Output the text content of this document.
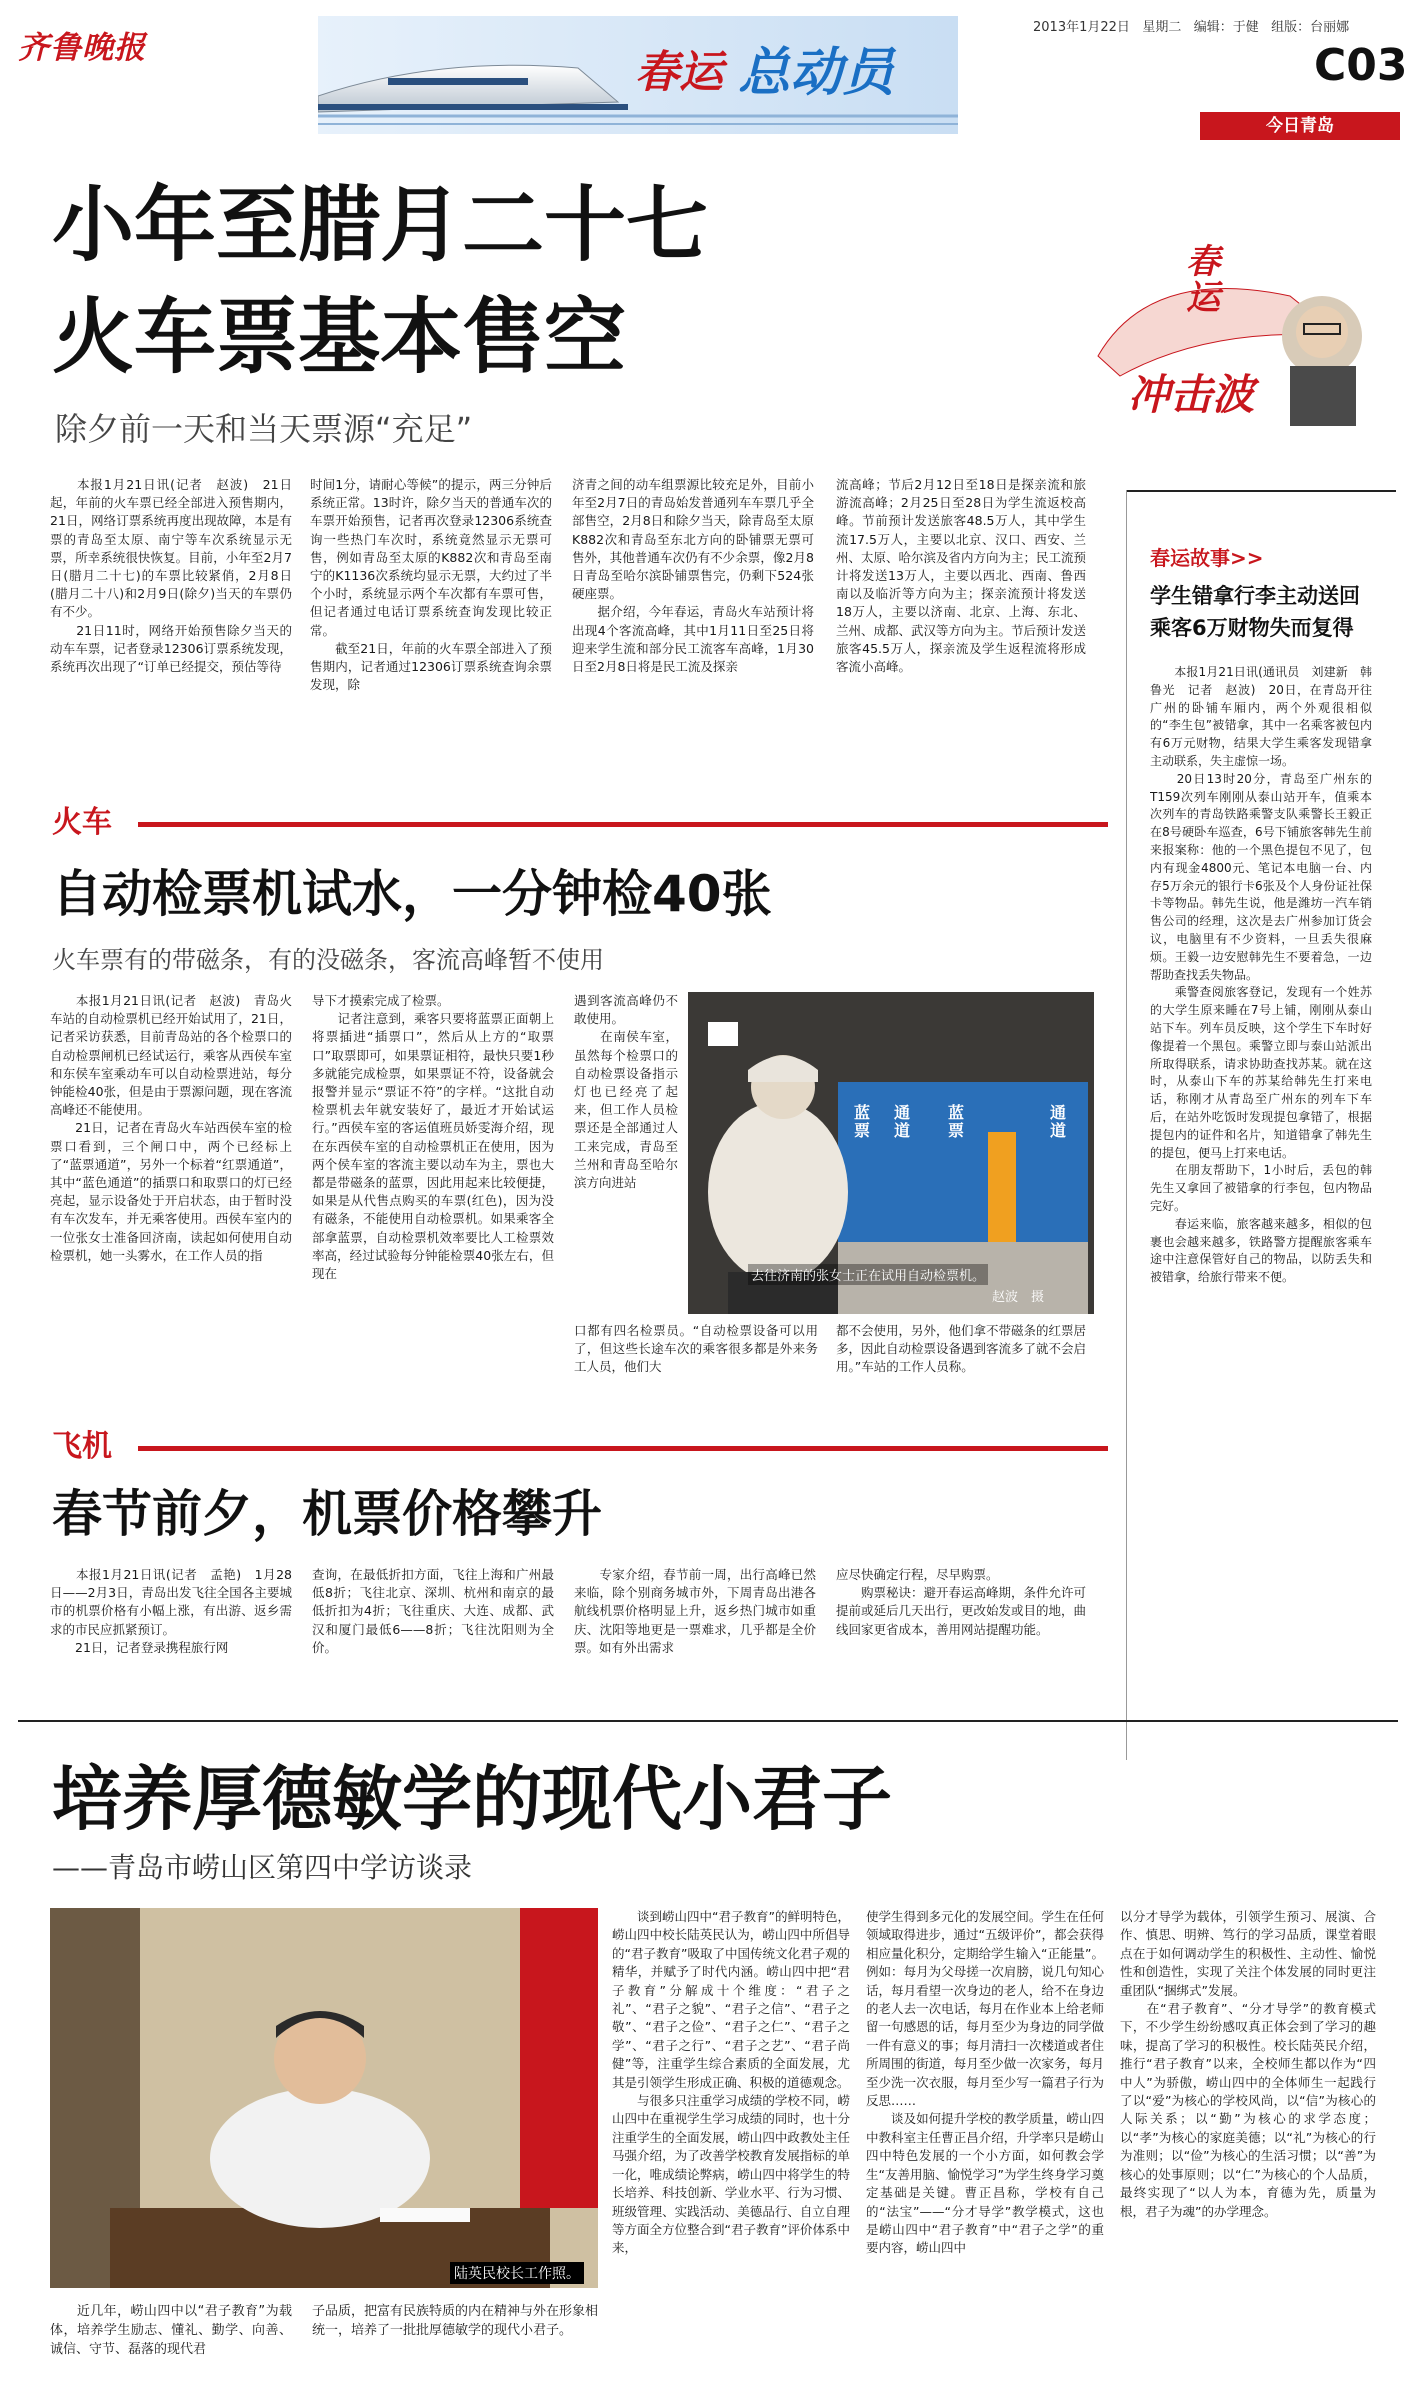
齐鲁晚报	春运 总动员
2013年1月22日 星期二 编辑：于健 组版：台丽娜
C03
今日青岛
小年至腊月二十七
火车票基本售空
除夕前一天和当天票源“充足”
　　本报1月21日讯(记者　赵波)　21日起，年前的火车票已经全部进入预售期内，21日，网络订票系统再度出现故障，本是有票的青岛至太原、南宁等车次系统显示无票，所幸系统很快恢复。目前，小年至2月7日(腊月二十七)的车票比较紧俏，2月8日(腊月二十八)和2月9日(除夕)当天的车票仍有不少。
　　21日11时，网络开始预售除夕当天的动车车票，记者登录12306订票系统发现，系统再次出现了“订单已经提交，预估等待
时间1分，请耐心等候”的提示，两三分钟后系统正常。13时许，除夕当天的普通车次的车票开始预售，记者再次登录12306系统查询一些热门车次时，系统竟然显示无票可售，例如青岛至太原的K882次和青岛至南宁的K1136次系统均显示无票，大约过了半个小时，系统显示两个车次都有车票可售，但记者通过电话订票系统查询发现比较正常。
　　截至21日，年前的火车票全部进入了预售期内，记者通过12306订票系统查询余票发现，除
济青之间的动车组票源比较充足外，目前小年至2月7日的青岛始发普通列车车票几乎全部售空，2月8日和除夕当天，除青岛至太原K882次和青岛至东北方向的卧铺票无票可售外，其他普通车次仍有不少余票，像2月8日青岛至哈尔滨卧铺票售完，仍剩下524张硬座票。
　　据介绍，今年春运，青岛火车站预计将出现4个客流高峰，其中1月11日至25日将迎来学生流和部分民工流客车高峰，1月30日至2月8日将是民工流及探亲
流高峰；节后2月12日至18日是探亲流和旅游流高峰；2月25日至28日为学生流返校高峰。节前预计发送旅客48.5万人，其中学生流17.5万人，主要以北京、汉口、西安、兰州、太原、哈尔滨及省内方向为主；民工流预计将发送13万人，主要以西北、西南、鲁西南以及临沂等方向为主；探亲流预计将发送18万人，主要以济南、北京、上海、东北、兰州、成都、武汉等方向为主。节后预计发送旅客45.5万人，探亲流及学生返程流将形成客流小高峰。
春运
冲击波
春运故事>>
学生错拿行李主动送回
乘客6万财物失而复得
　　本报1月21日讯(通讯员　刘建新　韩鲁光　记者　赵波)　20日，在青岛开往广州的卧铺车厢内，两个外观很相似的“李生包”被错拿，其中一名乘客被包内有6万元财物，结果大学生乘客发现错拿主动联系，失主虚惊一场。
　　20日13时20分，青岛至广州东的T159次列车刚刚从泰山站开车，值乘本次列车的青岛铁路乘警支队乘警长王毅正在8号硬卧车巡查，6号下铺旅客韩先生前来报案称：他的一个黑色提包不见了，包内有现金4800元、笔记本电脑一台、内存5万余元的银行卡6张及个人身份证社保卡等物品。韩先生说，他是潍坊一汽车销售公司的经理，这次是去广州参加订货会议，电脑里有不少资料，一旦丢失很麻烦。王毅一边安慰韩先生不要着急，一边帮助查找丢失物品。
　　乘警查阅旅客登记，发现有一个姓苏的大学生原来睡在7号上铺，刚刚从泰山站下车。列车员反映，这个学生下车时好像提着一个黑包。乘警立即与泰山站派出所取得联系，请求协助查找苏某。就在这时，从泰山下车的苏某给韩先生打来电话，称刚才从青岛至广州东的列车下车后，在站外吃饭时发现提包拿错了，根据提包内的证件和名片，知道错拿了韩先生的提包，便马上打来电话。
　　在朋友帮助下，1小时后，丢包的韩先生又拿回了被错拿的行李包，包内物品完好。
　　春运来临，旅客越来越多，相似的包裹也会越来越多，铁路警方提醒旅客乘车途中注意保管好自己的物品，以防丢失和被错拿，给旅行带来不便。
火车
自动检票机试水，一分钟检40张
火车票有的带磁条，有的没磁条，客流高峰暂不使用
　　本报1月21日讯(记者　赵波)　青岛火车站的自动检票机已经开始试用了，21日，记者采访获悉，目前青岛站的各个检票口的自动检票闸机已经试运行，乘客从西侯车室和东侯车室乘动车可以自动检票进站，每分钟能检40张，但是由于票源问题，现在客流高峰还不能使用。
　　21日，记者在青岛火车站西侯车室的检票口看到，三个闸口中，两个已经标上了“蓝票通道”，另外一个标着“红票通道”，其中“蓝色通道”的插票口和取票口的灯已经亮起，显示设备处于开启状态，由于暂时没有车次发车，并无乘客使用。西侯车室内的一位张女士准备回济南，读起如何使用自动检票机，她一头雾水，在工作人员的指
导下才摸索完成了检票。
　　记者注意到，乘客只要将蓝票正面朝上将票插进“插票口”，然后从上方的“取票口”取票即可，如果票证相符，最快只要1秒多就能完成检票，如果票证不符，设备就会报警并显示“票证不符”的字样。“这批自动检票机去年就安装好了，最近才开始试运行。”西侯车室的客运值班员娇雯海介绍，现在东西侯车室的自动检票机正在使用，因为两个侯车室的客流主要以动车为主，票也大都是带磁条的蓝票，因此用起来比较便捷，如果是从代售点购买的车票(红色)，因为没有磁条，不能使用自动检票机。如果乘客全部拿蓝票，自动检票机效率要比人工检票效率高，经过试验每分钟能检票40张左右，但现在
遇到客流高峰仍不敢使用。
　　在南侯车室，虽然每个检票口的自动检票设备指示灯也已经亮了起来，但工作人员检票还是全部通过人工来完成，青岛至兰州和青岛至哈尔滨方向进站
口都有四名检票员。“自动检票设备可以用了，但这些长途车次的乘客很多都是外来务工人员，他们大
都不会使用，另外，他们拿不带磁条的红票居多，因此自动检票设备遇到客流多了就不会启用。”车站的工作人员称。
蓝票
通道
蓝票
通道
去往济南的张女士正在试用自动检票机。
赵波　摄
飞机
春节前夕，机票价格攀升
　　本报1月21日讯(记者　孟艳)　1月28日——2月3日，青岛出发飞往全国各主要城市的机票价格有小幅上涨，有出游、返乡需求的市民应抓紧预订。
　　21日，记者登录携程旅行网
查询，在最低折扣方面，飞往上海和广州最低8折；飞往北京、深圳、杭州和南京的最低折扣为4折；飞往重庆、大连、成都、武汉和厦门最低6——8折；飞往沈阳则为全价。
　　专家介绍，春节前一周，出行高峰已然来临，除个别商务城市外，下周青岛出港各航线机票价格明显上升，返乡热门城市如重庆、沈阳等地更是一票难求，几乎都是全价票。如有外出需求
应尽快确定行程，尽早购票。
　　购票秘诀：避开春运高峰期，条件允许可提前或延后几天出行，更改始发或目的地，曲线回家更省成本，善用网站提醒功能。
培养厚德敏学的现代小君子
——青岛市崂山区第四中学访谈录
陆英民校长工作照。
　　近几年，崂山四中以“君子教育”为载体，培养学生励志、懂礼、勤学、向善、诚信、守节、磊落的现代君
子品质，把富有民族特质的内在精神与外在形象相统一，培养了一批批厚德敏学的现代小君子。
　　谈到崂山四中“君子教育”的鲜明特色，崂山四中校长陆英民认为，崂山四中所倡导的“君子教育”吸取了中国传统文化君子观的精华，并赋予了时代内涵。崂山四中把“君子教育”分解成十个维度：“君子之礼”、“君子之貌”、“君子之信”、“君子之敬”、“君子之俭”、“君子之仁”、“君子之学”、“君子之行”、“君子之艺”、“君子尚健”等，注重学生综合素质的全面发展，尤其是引领学生形成正确、积极的道德观念。
　　与很多只注重学习成绩的学校不同，崂山四中在重视学生学习成绩的同时，也十分注重学生的全面发展，崂山四中政教处主任马强介绍，为了改善学校教育发展指标的单一化，唯成绩论弊病，崂山四中将学生的特长培养、科技创新、学业水平、行为习惯、班级管理、实践活动、美德品行、自立自理等方面全方位整合到“君子教育”评价体系中来，
使学生得到多元化的发展空间。学生在任何领域取得进步，通过“五级评价”，都会获得相应量化积分，定期给学生输入“正能量”。例如：每月为父母搓一次肩膀，说几句知心话，每月看望一次身边的老人，给不在身边的老人去一次电话，每月在作业本上给老师留一句感恩的话，每月至少为身边的同学做一件有意义的事；每月清扫一次楼道或者住所周围的街道，每月至少做一次家务，每月至少洗一次衣服，每月至少写一篇君子行为反思……
　　谈及如何提升学校的教学质量，崂山四中教科室主任曹正昌介绍，升学率只是崂山四中特色发展的一个小方面，如何教会学生“友善用脑、愉悦学习”为学生终身学习奠定基础是关键。曹正昌称，学校有自己的“法宝”——“分才导学”教学模式，这也是崂山四中“君子教育”中“君子之学”的重要内容，崂山四中
以分才导学为载体，引领学生预习、展演、合作、慎思、明辨、笃行的学习品质，课堂着眼点在于如何调动学生的积极性、主动性、愉悦性和创造性，实现了关注个体发展的同时更注重团队“捆绑式”发展。
　　在“君子教育”、“分才导学”的教育模式下，不少学生纷纷感叹真正体会到了学习的趣味，提高了学习的积极性。校长陆英民介绍，推行“君子教育”以来，全校师生都以作为“四中人”为骄傲，崂山四中的全体师生一起践行了以“爱”为核心的学校风尚，以“信”为核心的人际关系；以“勤”为核心的求学态度；以“孝”为核心的家庭美德；以“礼”为核心的行为准则；以“俭”为核心的生活习惯；以“善”为核心的处事原则；以“仁”为核心的个人品质，最终实现了“以人为本，育德为先，质量为根，君子为魂”的办学理念。
